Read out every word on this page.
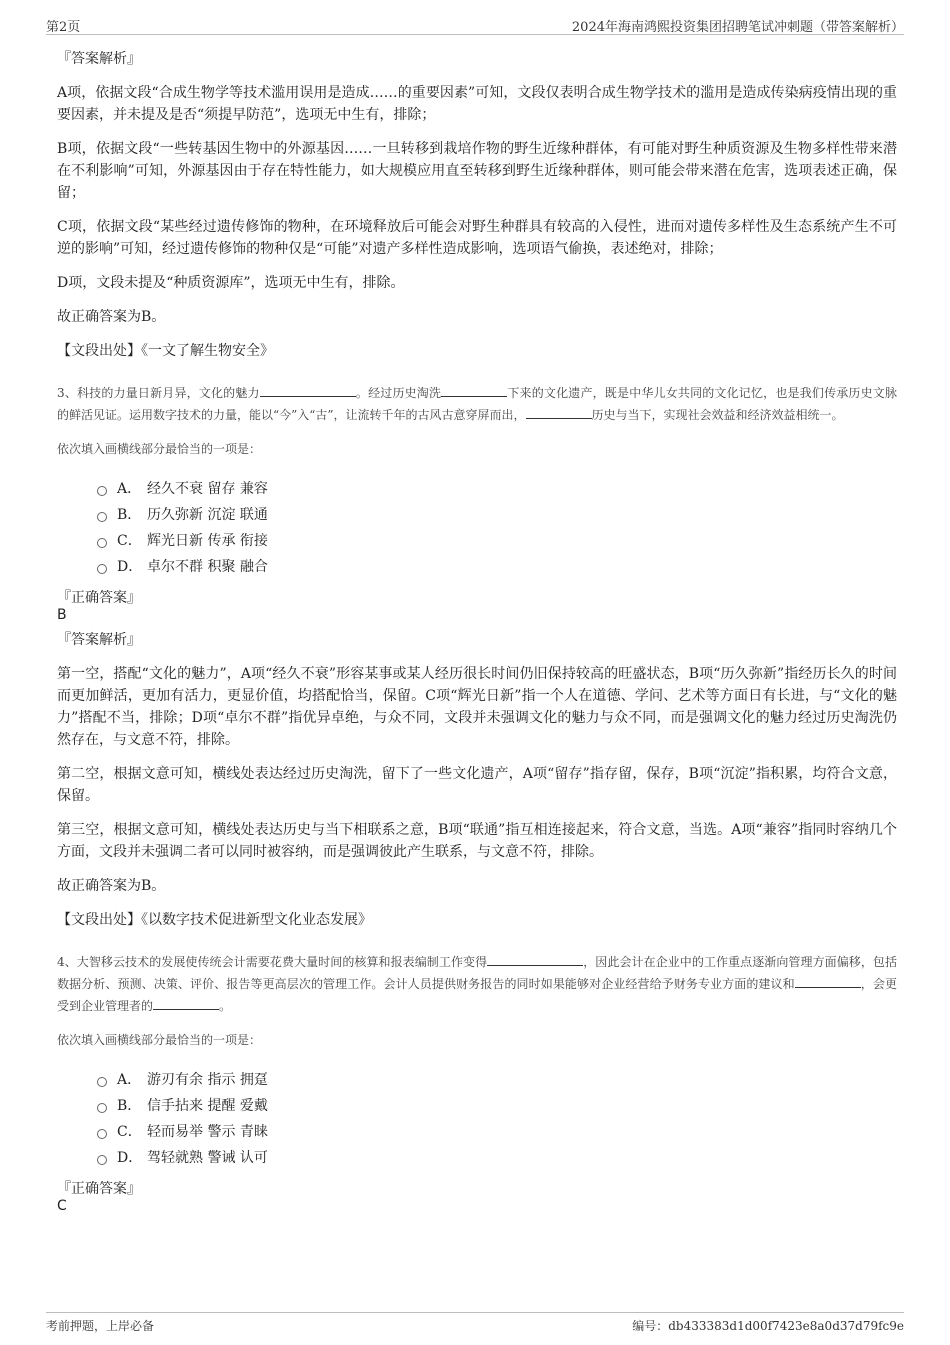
第2页	2024年海南鸿熙投资集团招聘笔试冲刺题（带答案解析）
『答案解析』

A项，依据文段“合成生物学等技术滥用误用是造成……的重要因素”可知，文段仅表明合成生物学技术的滥用是造成传染病疫情出现的重要因素，并未提及是否“须提早防范”，选项无中生有，排除；

B项，依据文段“一些转基因生物中的外源基因……一旦转移到栽培作物的野生近缘种群体，有可能对野生种质资源及生物多样性带来潜在不利影响”可知，外源基因由于存在特性能力，如大规模应用直至转移到野生近缘种群体，则可能会带来潜在危害，选项表述正确，保留；

C项，依据文段“某些经过遗传修饰的物种，在环境释放后可能会对野生种群具有较高的入侵性，进而对遗传多样性及生态系统产生不可逆的影响”可知，经过遗传修饰的物种仅是“可能”对遗产多样性造成影响，选项语气偷换，表述绝对，排除；

D项，文段未提及“种质资源库”，选项无中生有，排除。

故正确答案为B。

【文段出处】《一文了解生物安全》

3、科技的力量日新月异，文化的魅力	。经过历史淘洗	下来的文化遗产，既是中华儿女共同的文化记忆，也是我们传承历史文脉的鲜活见证。运用数字技术的力量，能以“今”入“古”，让流转千年的古风古意穿屏而出，	历史与当下，实现社会效益和经济效益相统一。

依次填入画横线部分最恰当的一项是：
A． 经久不衰 留存 兼容
B． 历久弥新 沉淀 联通
C． 辉光日新 传承 衔接
D． 卓尔不群 积聚 融合
『正确答案』
B
『答案解析』

第一空，搭配“文化的魅力”，A项“经久不衰”形容某事或某人经历很长时间仍旧保持较高的旺盛状态，B项“历久弥新”指经历长久的时间而更加鲜活，更加有活力，更显价值，均搭配恰当，保留。C项“辉光日新”指一个人在道德、学问、艺术等方面日有长进，与“文化的魅力”搭配不当，排除；D项“卓尔不群”指优异卓绝，与众不同，文段并未强调文化的魅力与众不同，而是强调文化的魅力经过历史淘洗仍然存在，与文意不符，排除。

第二空，根据文意可知，横线处表达经过历史淘洗，留下了一些文化遗产，A项“留存”指存留，保存，B项“沉淀”指积累，均符合文意，保留。

第三空，根据文意可知，横线处表达历史与当下相联系之意，B项“联通”指互相连接起来，符合文意，当选。A项“兼容”指同时容纳几个方面，文段并未强调二者可以同时被容纳，而是强调彼此产生联系，与文意不符，排除。

故正确答案为B。

【文段出处】《以数字技术促进新型文化业态发展》

4、大智移云技术的发展使传统会计需要花费大量时间的核算和报表编制工作变得	，因此会计在企业中的工作重点逐渐向管理方面偏移，包括数据分析、预测、决策、评价、报告等更高层次的管理工作。会计人员提供财务报告的同时如果能够对企业经营给予财务专业方面的建议和	，会更受到企业管理者的	。

依次填入画横线部分最恰当的一项是：
A． 游刃有余 指示 拥趸
B． 信手拈来 提醒 爱戴
C． 轻而易举 警示 青睐
D． 驾轻就熟 警诫 认可
『正确答案』
C
考前押题，上岸必备	编号：db433383d1d00f7423e8a0d37d79fc9e
